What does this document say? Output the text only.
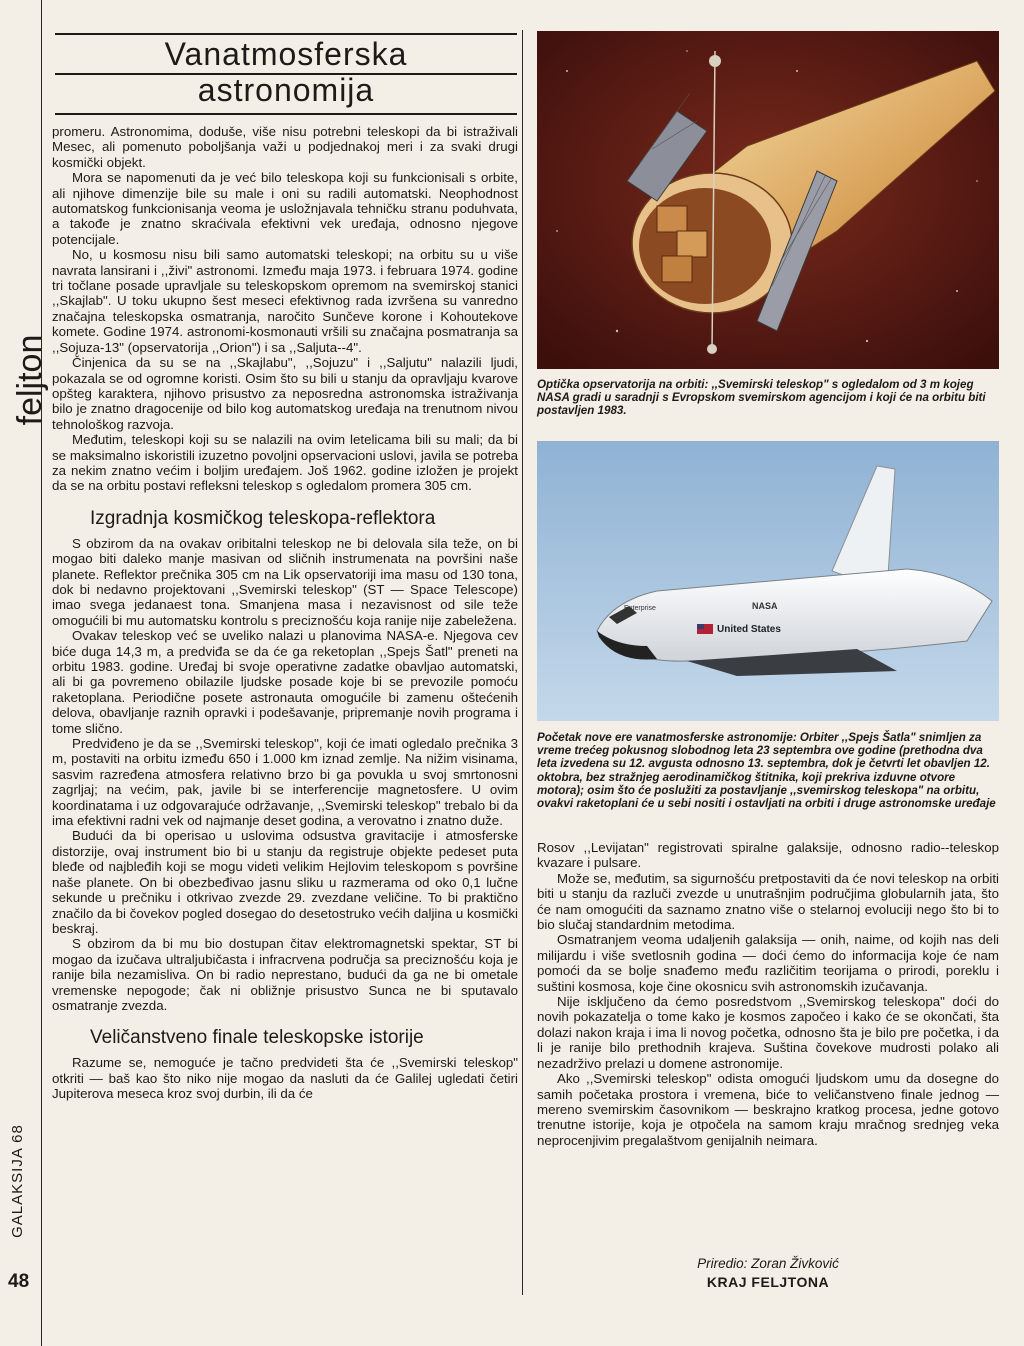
feljton
GALAKSIJA 68
48
Vanatmosferska
astronomija

promeru. Astronomima, doduše, više nisu potrebni teleskopi da bi istraživali Mesec, ali pomenuto poboljšanja važi u podjednakoj meri i za svaki drugi kosmički objekt.

Mora se napomenuti da je već bilo teleskopa koji su funkcionisali s orbite, ali njihove dimenzije bile su male i oni su radili automatski. Neophodnost automatskog funkcionisanja veoma je usložnjavala tehničku stranu poduhvata, a takođe je znatno skraćivala efektivni vek uređaja, odnosno njegove potencijale.

No, u kosmosu nisu bili samo automatski teleskopi; na orbitu su u više navrata lansirani i ,,živi" astronomi. Između maja 1973. i februara 1974. godine tri točlane posade upravljale su teleskopskom opremom na svemirskoj stanici ,,Skajlab". U toku ukupno šest meseci efektivnog rada izvršena su vanredno značajna teleskopska osmatranja, naročito Sunčeve korone i Kohoutekove komete. Godine 1974. astronomi-kosmonauti vršili su značajna posmatranja sa ,,Sojuza-13" (opservatorija ,,Orion") i sa ,,Saljuta--4".

Činjenica da su se na ,,Skajlabu", ,,Sojuzu" i ,,Saljutu" nalazili ljudi, pokazala se od ogromne koristi. Osim što su bili u stanju da opravljaju kvarove opšteg karaktera, njihovo prisustvo za neposredna astronomska istraživanja bilo je znatno dragocenije od bilo kog automatskog uređaja na trenutnom nivou tehnološkog razvoja.

Međutim, teleskopi koji su se nalazili na ovim letelicama bili su mali; da bi se maksimalno iskoristili izuzetno povoljni opservacioni uslovi, javila se potreba za nekim znatno većim i boljim uređajem. Još 1962. godine izložen je projekt da se na orbitu postavi refleksni teleskop s ogledalom promera 305 cm.

Izgradnja kosmičkog teleskopa-reflektora

S obzirom da na ovakav oribitalni teleskop ne bi delovala sila teže, on bi mogao biti daleko manje masivan od sličnih instrumenata na površini naše planete. Reflektor prečnika 305 cm na Lik opservatoriji ima masu od 130 tona, dok bi nedavno projektovani ,,Svemirski teleskop" (ST — Space Telescope) imao svega jedanaest tona. Smanjena masa i nezavisnost od sile teže omogućili bi mu automatsku kontrolu s preciznošću koja ranije nije zabeležena.

Ovakav teleskop već se uveliko nalazi u planovima NASA-e. Njegova cev biće duga 14,3 m, a predviđa se da će ga reketoplan ,,Spejs Šatl" preneti na orbitu 1983. godine. Uređaj bi svoje operativne zadatke obavljao automatski, ali bi ga povremeno obilazile ljudske posade koje bi se prevozile pomoću raketoplana. Periodične posete astronauta omogućile bi zamenu oštećenih delova, obavljanje raznih opravki i podešavanje, pripremanje novih programa i tome slično.

Predviđeno je da se ,,Svemirski teleskop", koji će imati ogledalo prečnika 3 m, postaviti na orbitu između 650 i 1.000 km iznad zemlje. Na nižim visinama, sasvim razređena atmosfera relativno brzo bi ga povukla u svoj smrtonosni zagrljaj; na većim, pak, javile bi se interferencije magnetosfere. U ovim koordinatama i uz odgovarajuće održavanje, ,,Svemirski teleskop" trebalo bi da ima efektivni radni vek od najmanje deset godina, a verovatno i znatno duže.

Budući da bi operisao u uslovima odsustva gravitacije i atmosferske distorzije, ovaj instrument bio bi u stanju da registruje objekte pedeset puta bleđe od najbleđih koji se mogu videti velikim Hejlovim teleskopom s površine naše planete. On bi obezbeđivao jasnu sliku u razmerama od oko 0,1 lučne sekunde u prečniku i otkrivao zvezde 29. zvezdane veličine. To bi praktično značilo da bi čovekov pogled dosegao do desetostruko većih daljina u kosmički beskraj.

S obzirom da bi mu bio dostupan čitav elektromagnetski spektar, ST bi mogao da izučava ultraljubičasta i infracrvena područja sa preciznošću koja je ranije bila nezamisliva. On bi radio neprestano, budući da ga ne bi ometale vremenske nepogode; čak ni obližnje prisustvo Sunca ne bi sputavalo osmatranje zvezda.

Veličanstveno finale teleskopske istorije

Razume se, nemoguće je tačno predvideti šta će ,,Svemirski teleskop" otkriti — baš kao što niko nije mogao da nasluti da će Galilej ugledati četiri Jupiterova meseca kroz svoj durbin, ili da će

Optička opservatorija na orbiti: ,,Svemirski teleskop" s ogledalom od 3 m kojeg NASA gradi u saradnji s Evropskom svemirskom agencijom i koji će na orbitu biti postavljen 1983.
Enterprise	NASA
United States
Početak nove ere vanatmosferske astronomije: Orbiter ,,Spejs Šatla" snimljen za vreme trećeg pokusnog slobodnog leta 23 septembra ove godine (prethodna dva leta izvedena su 12. avgusta odnosno 13. septembra, dok je četvrti let obavljen 12. oktobra, bez stražnjeg aerodinamičkog štitnika, koji prekriva izduvne otvore motora); osim što će poslužiti za postavljanje ,,svemirskog teleskopa" na orbitu, ovakvi raketoplani će u sebi nositi i ostavljati na orbiti i druge astronomske uređaje

Rosov ,,Levijatan" registrovati spiralne galaksije, odnosno radio--teleskop kvazare i pulsare.

Može se, međutim, sa sigurnošću pretpostaviti da će novi teleskop na orbiti biti u stanju da razluči zvezde u unutrašnjim područjima globularnih jata, što će nam omogućiti da saznamo znatno više o stelarnoj evoluciji nego što bi to bio slučaj standardnim metodima.

Osmatranjem veoma udaljenih galaksija — onih, naime, od kojih nas deli milijardu i više svetlosnih godina — doći ćemo do informacija koje će nam pomoći da se bolje snađemo među različitim teorijama o prirodi, poreklu i suštini kosmosa, koje čine okosnicu svih astronomskih izučavanja.

Nije isključeno da ćemo posredstvom ,,Svemirskog teleskopa" doći do novih pokazatelja o tome kako je kosmos započeo i kako će se okončati, šta dolazi nakon kraja i ima li novog početka, odnosno šta je bilo pre početka, i da li je ranije bilo prethodnih krajeva. Suština čovekove mudrosti polako ali nezadrživo prelazi u domene astronomije.

Ako ,,Svemirski teleskop" odista omogući ljudskom umu da dosegne do samih početaka prostora i vremena, biće to veličanstveno finale jednog — mereno svemirskim časovnikom — beskrajno kratkog procesa, jedne gotovo trenutne istorije, koja je otpočela na samom kraju mračnog srednjeg veka neprocenjivim pregalaštvom genijalnih neimara.

Priredio: Zoran Živković
KRAJ FELJTONA
